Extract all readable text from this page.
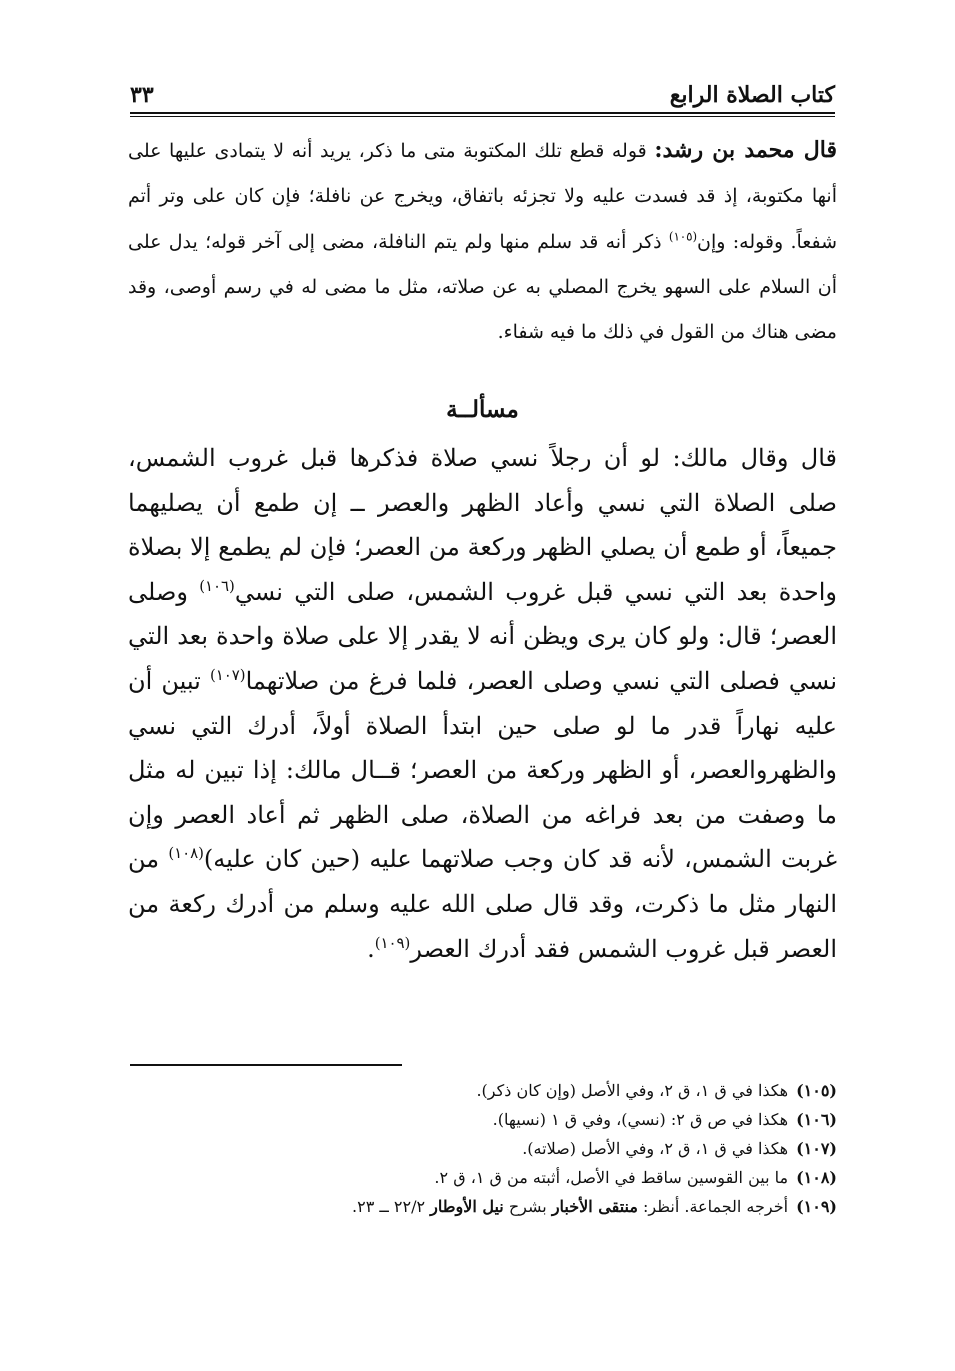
كتاب الصلاة الرابع
٣٣
قال محمد بن رشد: قوله قطع تلك المكتوبة متى ما ذكر، يريد أنه لا يتمادى عليها على أنها مكتوبة، إذ قد فسدت عليه ولا تجزئه باتفاق، ويخرج عن نافلة؛ فإن كان على وتر أتم شفعاً. وقوله: وإن$^{(١٠٥)}$ ذكر أنه قد سلم منها ولم يتم النافلة، مضى إلى آخر قوله؛ يدل على أن السلام على السهو يخرج المصلي به عن صلاته، مثل ما مضى له في رسم أوصى، وقد مضى هناك من القول في ذلك ما فيه شفاء.
مسألــة
قال وقال مالك: لو أن رجلاً نسي صلاة فذكرها قبل غروب الشمس، صلى الصلاة التي نسي وأعاد الظهر والعصر ــ إن طمع أن يصليهما جميعاً، أو طمع أن يصلي الظهر وركعة من العصر؛ فإن لم يطمع إلا بصلاة واحدة بعد التي نسي قبل غروب الشمس، صلى التي نسي$^{(١٠٦)}$ وصلى العصر؛ قال: ولو كان يرى ويظن أنه لا يقدر إلا على صلاة واحدة بعد التي نسي فصلى التي نسي وصلى العصر، فلما فرغ من صلاتهما$^{(١٠٧)}$ تبين أن عليه نهاراً قدر ما لو صلى حين ابتدأ الصلاة أولاً، أدرك التي نسي والظهروالعصر، أو الظهر وركعة من العصر؛ قــال مالك: إذا تبين له مثل ما وصفت من بعد فراغه من الصلاة، صلى الظهر ثم أعاد العصر وإن غربت الشمس، لأنه قد كان وجب صلاتهما عليه (حين كان عليه)$^{(١٠٨)}$ من النهار مثل ما ذكرت، وقد قال صلى الله عليه وسلم من أدرك ركعة من العصر قبل غروب الشمس فقد أدرك العصر$^{(١٠٩)}$.
(١٠٥)هكذا في ق ١، ق ٢، وفي الأصل (وإن كان ذكر).
(١٠٦)هكذا في ص ق ٢: (نسي)، وفي ق ١ (نسيها).
(١٠٧)هكذا في ق ١، ق ٢، وفي الأصل (صلاته).
(١٠٨)ما بين القوسين ساقط في الأصل، أثبته من ق ١، ق ٢.
(١٠٩)أخرجه الجماعة. أنظر: منتقى الأخبار بشرح نيل الأوطار ٢٢/٢ ــ ٢٣.
